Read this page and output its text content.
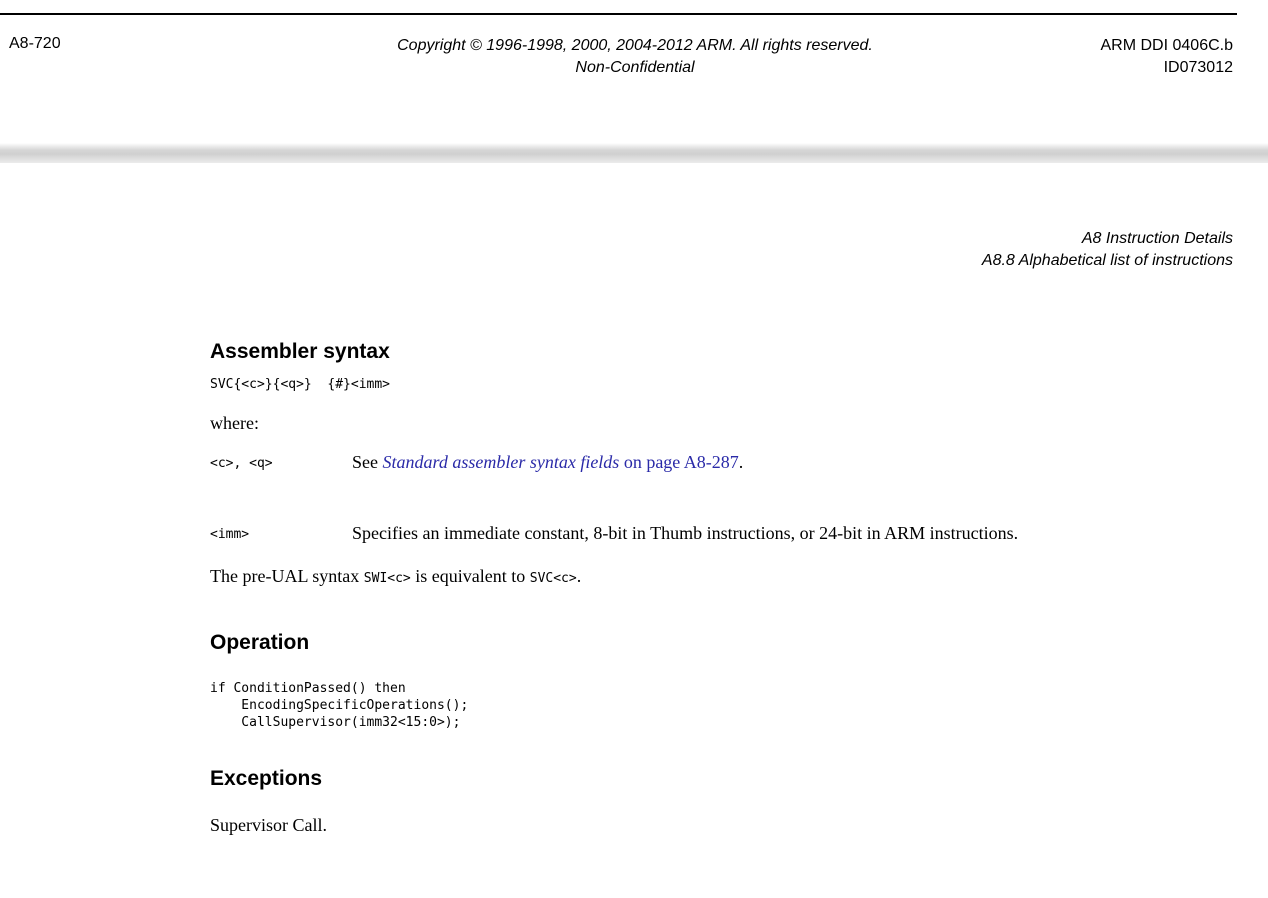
A8-720	Copyright © 1996-1998, 2000, 2004-2012 ARM. All rights reserved.
Non-Confidential
ARM DDI 0406C.b
ID073012
A8 Instruction Details
A8.8 Alphabetical list of instructions
Assembler syntax
SVC{<c>}{<q>}  {#}<imm>
where:
<c>, <q>	See Standard assembler syntax fields on page A8-287.
<imm>	Specifies an immediate constant, 8-bit in Thumb instructions, or 24-bit in ARM instructions.
The pre-UAL syntax SWI<c> is equivalent to SVC<c>.
Operation
if ConditionPassed() then
EncodingSpecificOperations();
CallSupervisor(imm32<15:0>);
Exceptions
Supervisor Call.
